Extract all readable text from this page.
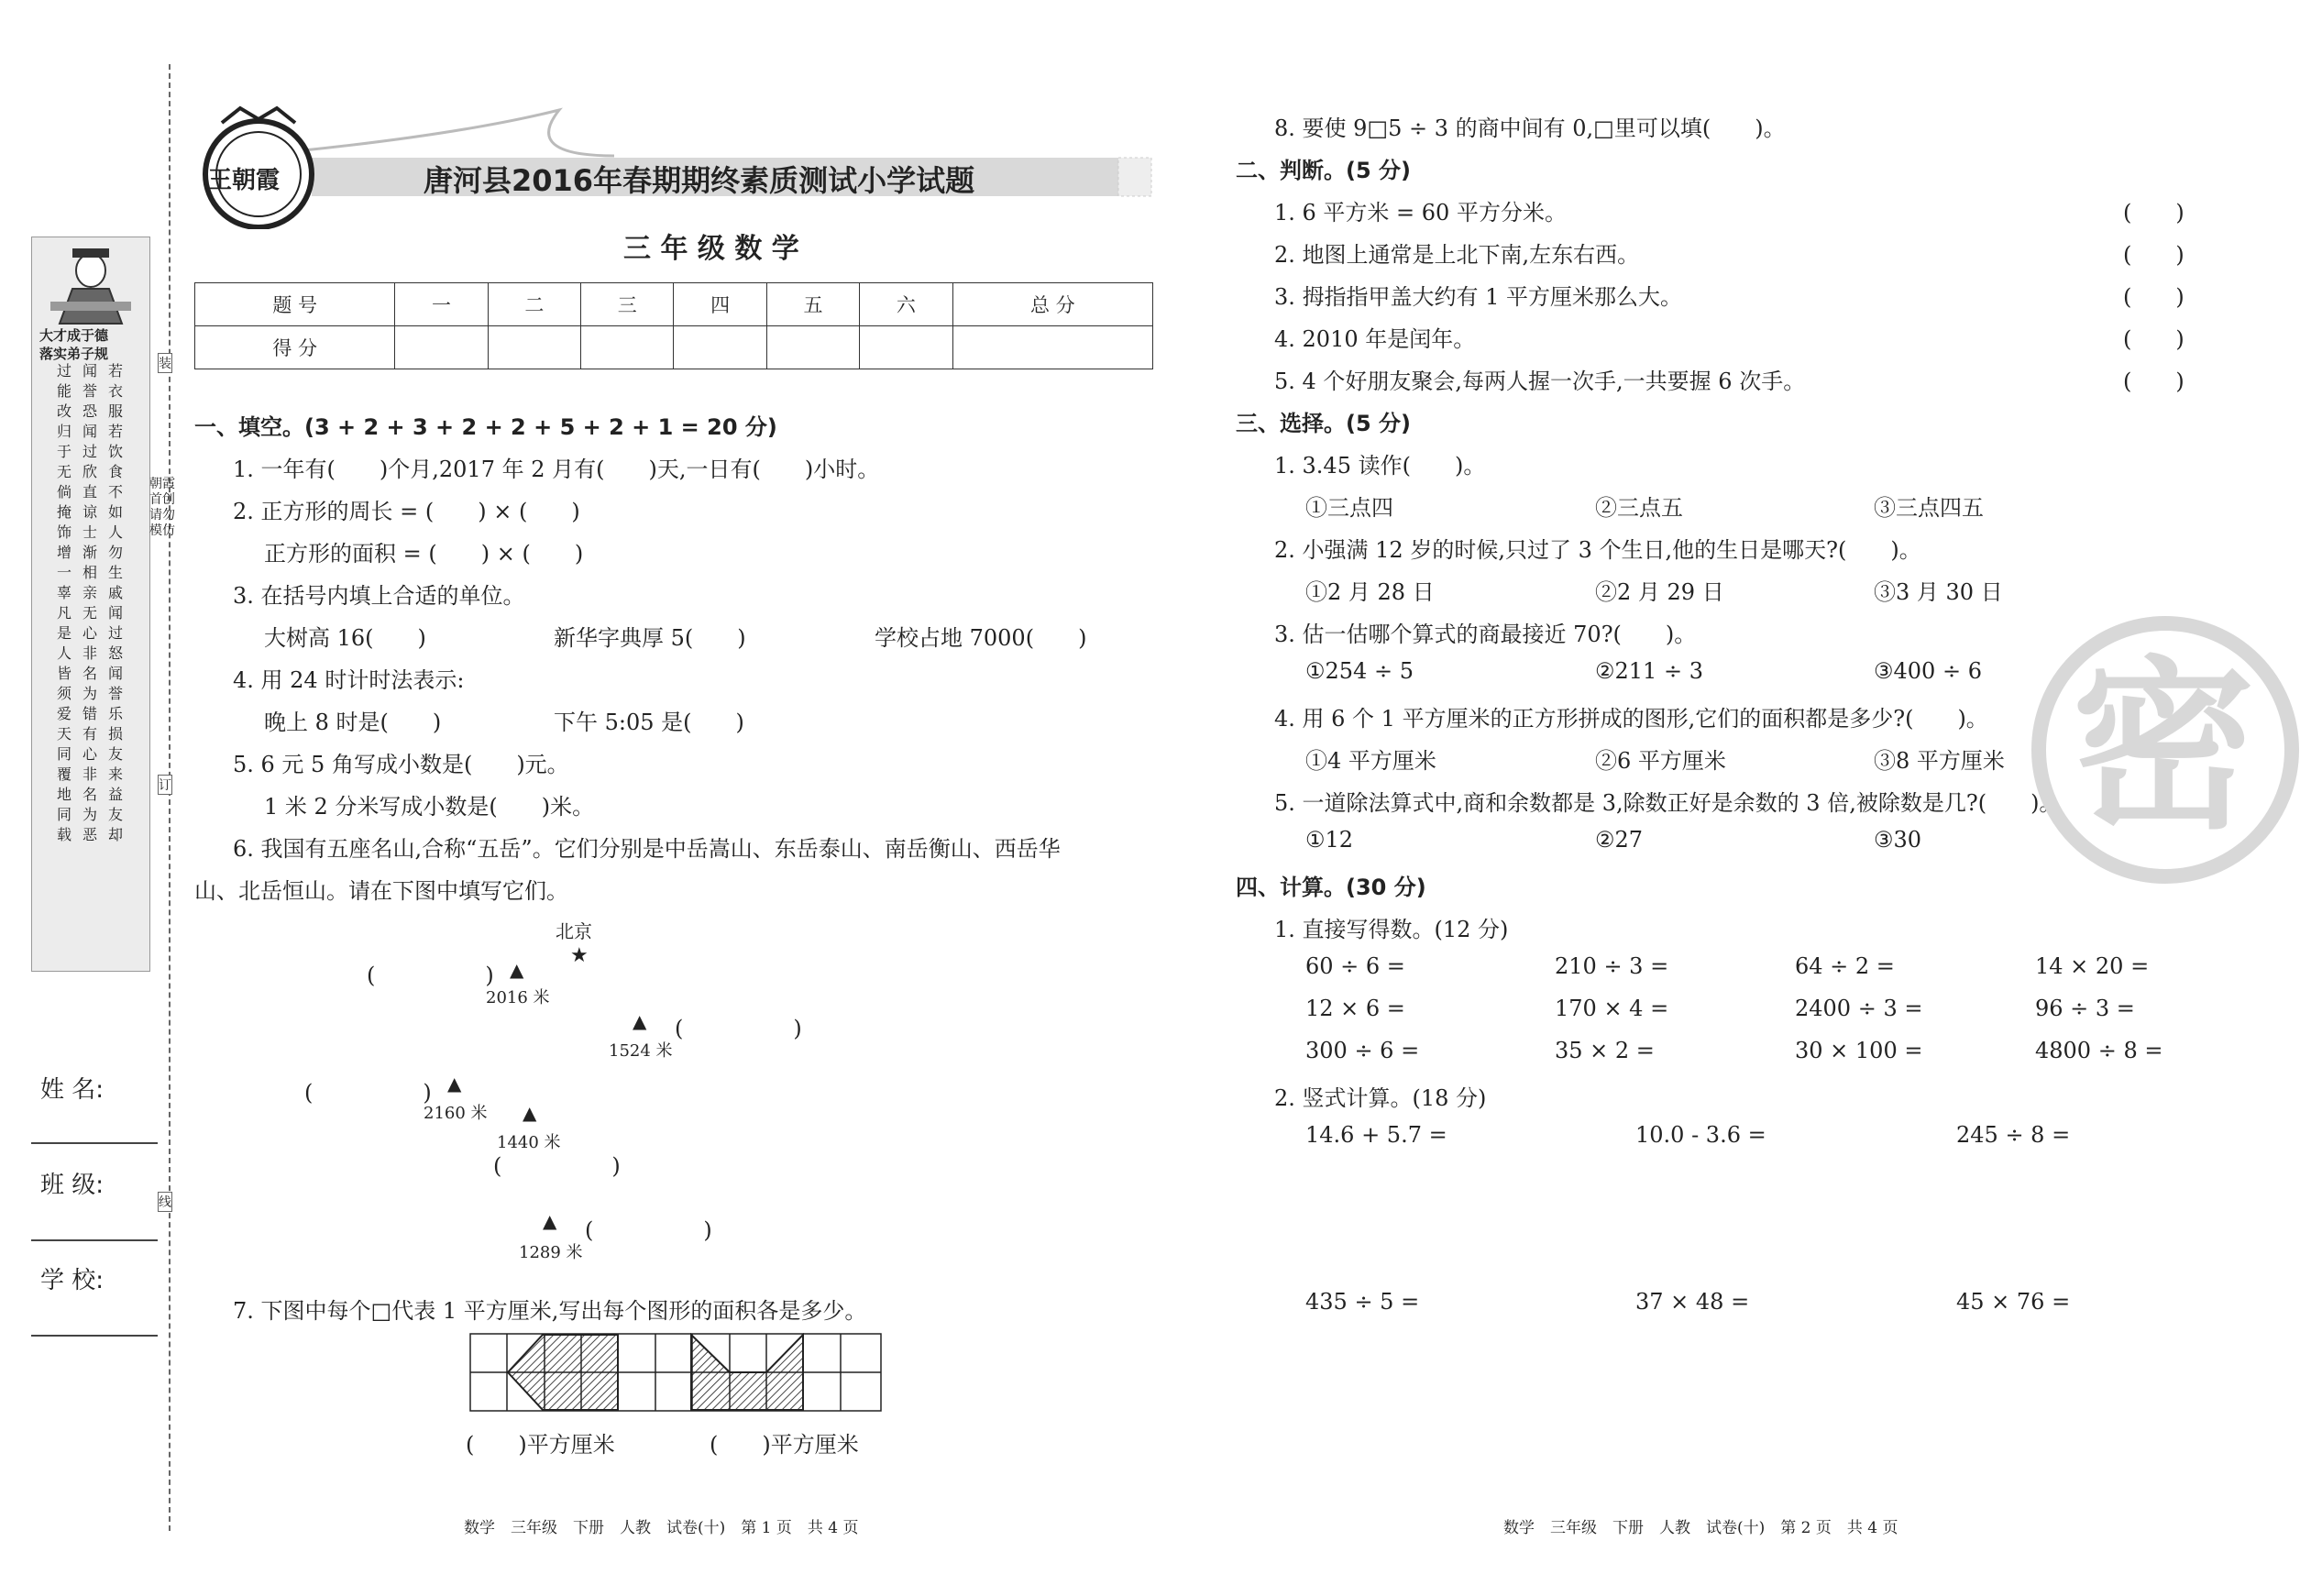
大才成于德
落实弟子规
过能改归于无倘掩饰增一辜凡是人皆须爱天同覆地同载
闻誉恐闻过欣直谅士渐相亲无心非名为错有心非名为恶
若衣服若饮食不如人勿生戚闻过怒闻誉乐损友来益友却
朝霞首创 请勿模仿
装
订
线
姓 名:
班 级:
学 校:
王朝霞	唐河县2016年春期期终素质测试小学试题
三 年 级 数 学
题 号	一	二	三	四	五	六	总 分
得 分							
一、填空。(3 + 2 + 3 + 2 + 2 + 5 + 2 + 1 = 20 分)
1. 一年有(　　)个月,2017 年 2 月有(　　)天,一日有(　　)小时。
2. 正方形的周长 = (　　) × (　　)
正方形的面积 = (　　) × (　　)
3. 在括号内填上合适的单位。
大树高 16(　　)	新华字典厚 5(　　)	学校占地 7000(　　)
4. 用 24 时计时法表示:
晚上 8 时是(　　)	下午 5:05 是(　　)
5. 6 元 5 角写成小数是(　　)元。
1 米 2 分米写成小数是(　　)米。
6. 我国有五座名山,合称“五岳”。它们分别是中岳嵩山、东岳泰山、南岳衡山、西岳华
山、北岳恒山。请在下图中填写它们。
北京
★
(　　　　　) ▲
2016 米
▲ (　　　　　)
1524 米
(　　　　　) ▲
2160 米 ▲
1440 米
(　　　　　)
▲ (　　　　　)
1289 米
7. 下图中每个□代表 1 平方厘米,写出每个图形的面积各是多少。
(　　)平方厘米	(　　)平方厘米
数学　三年级　下册　人教　试卷(十)　第 1 页　共 4 页
8. 要使 9□5 ÷ 3 的商中间有 0,□里可以填(　　)。
二、判断。(5 分)
1. 6 平方米 = 60 平方分米。	(　　)
2. 地图上通常是上北下南,左东右西。	(　　)
3. 拇指指甲盖大约有 1 平方厘米那么大。	(　　)
4. 2010 年是闰年。	(　　)
5. 4 个好朋友聚会,每两人握一次手,一共要握 6 次手。	(　　)
三、选择。(5 分)
1. 3.45 读作(　　)。
①三点四	②三点五	③三点四五
2. 小强满 12 岁的时候,只过了 3 个生日,他的生日是哪天?(　　)。
①2 月 28 日	②2 月 29 日	③3 月 30 日
3. 估一估哪个算式的商最接近 70?(　　)。
①254 ÷ 5	②211 ÷ 3	③400 ÷ 6
4. 用 6 个 1 平方厘米的正方形拼成的图形,它们的面积都是多少?(　　)。
①4 平方厘米	②6 平方厘米	③8 平方厘米
5. 一道除法算式中,商和余数都是 3,除数正好是余数的 3 倍,被除数是几?(　　)。
①12	②27	③30
四、计算。(30 分)
1. 直接写得数。(12 分)
60 ÷ 6 =	210 ÷ 3 =	64 ÷ 2 =	14 × 20 =
12 × 6 =	170 × 4 =	2400 ÷ 3 =	96 ÷ 3 =
300 ÷ 6 =	35 × 2 =	30 × 100 =	4800 ÷ 8 =
2. 竖式计算。(18 分)
14.6 + 5.7 =	10.0 - 3.6 =	245 ÷ 8 =
435 ÷ 5 =	37 × 48 =	45 × 76 =
密
数学　三年级　下册　人教　试卷(十)　第 2 页　共 4 页
